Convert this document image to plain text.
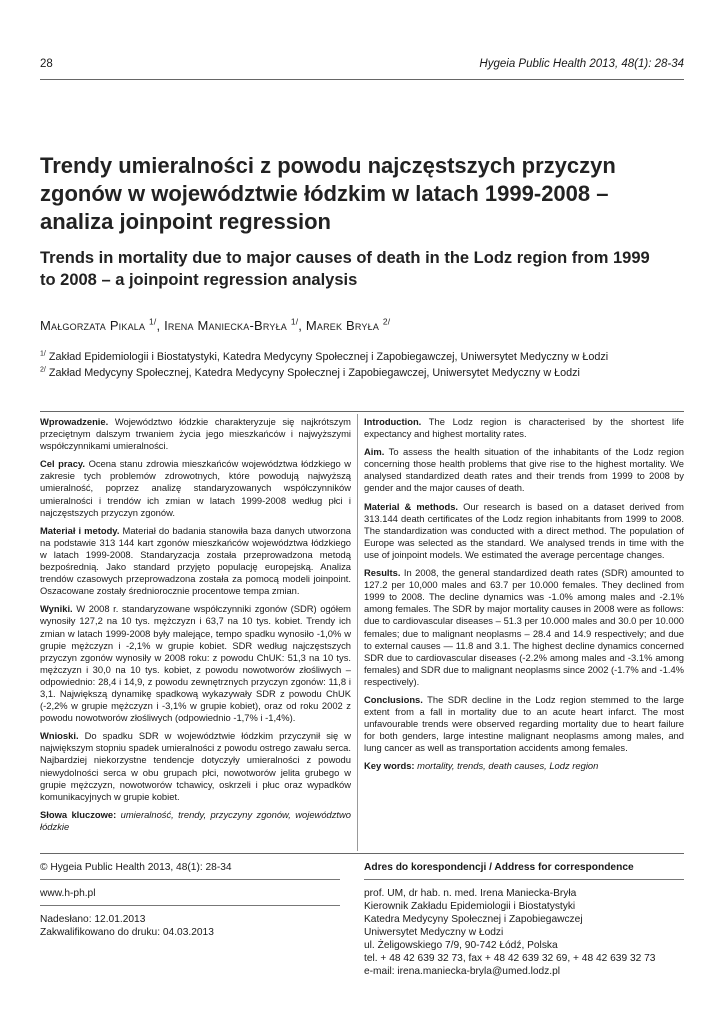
28	Hygeia Public Health 2013, 48(1): 28-34
Trendy umieralności z powodu najczęstszych przyczyn zgonów w województwie łódzkim w latach 1999-2008 – analiza joinpoint regression
Trends in mortality due to major causes of death in the Lodz region from 1999 to 2008 – a joinpoint regression analysis
Małgorzata Pikala $^{1/}$, Irena Maniecka-Bryła $^{1/}$, Marek Bryła $^{2/}$
$^{1/}$ Zakład Epidemiologii i Biostatystyki, Katedra Medycyny Społecznej i Zapobiegawczej, Uniwersytet Medyczny w Łodzi
$^{2/}$ Zakład Medycyny Społecznej, Katedra Medycyny Społecznej i Zapobiegawczej, Uniwersytet Medyczny w Łodzi

Wprowadzenie. Województwo łódzkie charakteryzuje się najkrótszym przeciętnym dalszym trwaniem życia jego mieszkańców i najwyższymi współczynnikami umieralności.

Cel pracy. Ocena stanu zdrowia mieszkańców województwa łódzkiego w zakresie tych problemów zdrowotnych, które powodują najwyższą umieralność, poprzez analizę standaryzowanych współczynników umieralności i trendów ich zmian w latach 1999-2008 według płci i najczęstszych przyczyn zgonów.

Materiał i metody. Materiał do badania stanowiła baza danych utworzona na podstawie 313 144 kart zgonów mieszkańców województwa łódzkiego w latach 1999-2008. Standaryzacja została przeprowadzona metodą bezpośrednią. Jako standard przyjęto populację europejską. Analiza trendów czasowych przeprowadzona została za pomocą modeli joinpoint. Oszacowane zostały średniorocznie procentowe tempa zmian.

Wyniki. W 2008 r. standaryzowane współczynniki zgonów (SDR) ogółem wynosiły 127,2 na 10 tys. mężczyzn i 63,7 na 10 tys. kobiet. Trendy ich zmian w latach 1999-2008 były malejące, tempo spadku wynosiło -1,0% w grupie mężczyzn i -2,1% w grupie kobiet. SDR według najczęstszych przyczyn zgonów wynosiły w 2008 roku: z powodu ChUK: 51,3 na 10 tys. mężczyzn i 30,0 na 10 tys. kobiet, z powodu nowotworów złośliwych – odpowiednio: 28,4 i 14,9, z powodu zewnętrznych przyczyn zgonów: 11,8 i 3,1. Największą dynamikę spadkową wykazywały SDR z powodu ChUK (-2,2% w grupie mężczyzn i -3,1% w grupie kobiet), oraz od roku 2002 z powodu nowotworów złośliwych (odpowiednio -1,7% i -1,4%).

Wnioski. Do spadku SDR w województwie łódzkim przyczynił się w największym stopniu spadek umieralności z powodu ostrego zawału serca. Najbardziej niekorzystne tendencje dotyczyły umieralności z powodu niewydolności serca w obu grupach płci, nowotworów jelita grubego w grupie mężczyzn, nowotworów tchawicy, oskrzeli i płuc oraz wypadków komunikacyjnych w grupie kobiet.

Słowa kluczowe: umieralność, trendy, przyczyny zgonów, województwo łódzkie

Introduction. The Lodz region is characterised by the shortest life expectancy and highest mortality rates.

Aim. To assess the health situation of the inhabitants of the Lodz region concerning those health problems that give rise to the highest mortality. We analysed standardized death rates and their trends from 1999 to 2008 by gender and the major causes of death.

Material & methods. Our research is based on a dataset derived from 313.144 death certificates of the Lodz region inhabitants from 1999 to 2008. The standardization was conducted with a direct method. The population of Europe was selected as the standard. We analysed trends in time with the use of joinpoint models. We estimated the average percentage changes.

Results. In 2008, the general standardized death rates (SDR) amounted to 127.2 per 10,000 males and 63.7 per 10.000 females. They declined from 1999 to 2008. The decline dynamics was -1.0% among males and -2.1% among females. The SDR by major mortality causes in 2008 were as follows: due to cardiovascular diseases – 51.3 per 10.000 males and 30.0 per 10.000 females; due to malignant neoplasms – 28.4 and 14.9 respectively; and due to external causes — 11.8 and 3.1. The highest decline dynamics concerned SDR due to cardiovascular diseases (-2.2% among males and -3.1% among females) and SDR due to malignant neoplasms since 2002 (-1.7% and -1.4% respectively).

Conclusions. The SDR decline in the Lodz region stemmed to the large extent from a fall in mortality due to an acute heart infarct. The most unfavourable trends were observed regarding mortality due to heart failure for both genders, large intestine malignant neoplasms among males, and lung cancer as well as transportation accidents among females.

Key words: mortality, trends, death causes, Lodz region

© Hygeia Public Health 2013, 48(1): 28-34
www.h-ph.pl
Nadesłano: 12.01.2013
Zakwalifikowano do druku: 04.03.2013
Adres do korespondencji / Address for correspondence
prof. UM, dr hab. n. med. Irena Maniecka-Bryła
Kierownik Zakładu Epidemiologii i Biostatystyki
Katedra Medycyny Społecznej i Zapobiegawczej
Uniwersytet Medyczny w Łodzi
ul. Żeligowskiego 7/9, 90-742 Łódź, Polska
tel. + 48 42 639 32 73, fax + 48 42 639 32 69, + 48 42 639 32 73
e-mail: irena.maniecka-bryla@umed.lodz.pl
